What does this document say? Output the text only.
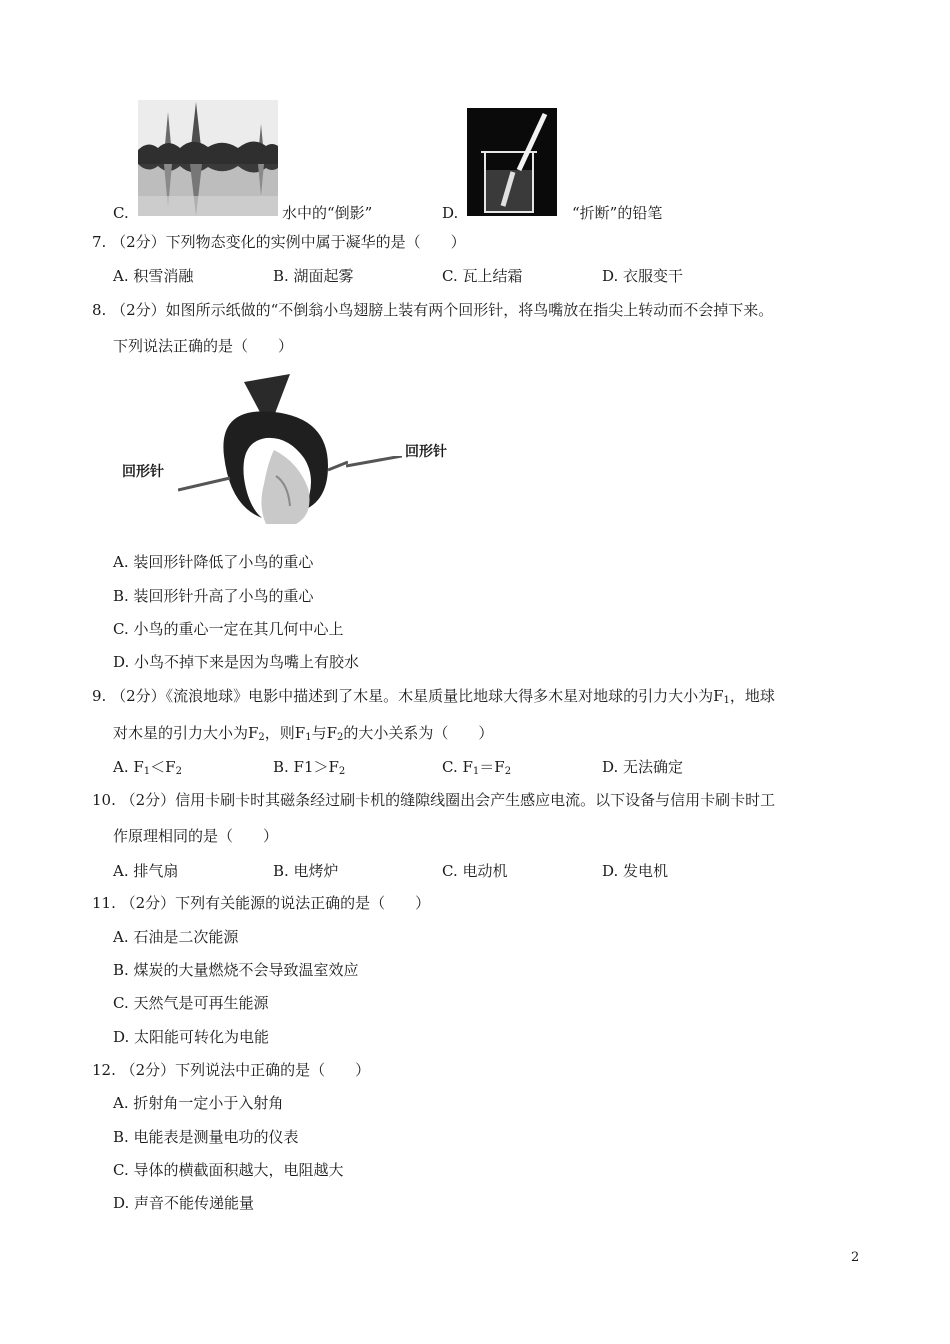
C.	水中的“倒影”	D.	“折断”的铅笔
7. （2分）下列物态变化的实例中属于凝华的是（　　）
A. 积雪消融	B. 湖面起雾	C. 瓦上结霜	D. 衣服变干
8. （2分）如图所示纸做的“不倒翁小鸟翅膀上装有两个回形针，将鸟嘴放在指尖上转动而不会掉下来。
下列说法正确的是（　　）
回形针
回形针
A. 装回形针降低了小鸟的重心
B. 装回形针升高了小鸟的重心
C. 小鸟的重心一定在其几何中心上
D. 小鸟不掉下来是因为鸟嘴上有胶水
9. （2分）《流浪地球》电影中描述到了木星。木星质量比地球大得多木星对地球的引力大小为$F_1$，地球
对木星的引力大小为$F_2$，则$F_1$与$F_2$的大小关系为（　　）
A. $F_1<F_2$	B. $F1>F_2$	C. $F_1=F_2$	D. 无法确定
10. （2分）信用卡刷卡时其磁条经过刷卡机的缝隙线圈出会产生感应电流。以下设备与信用卡刷卡时工
作原理相同的是（　　）
A. 排气扇	B. 电烤炉	C. 电动机	D. 发电机
11. （2分）下列有关能源的说法正确的是（　　）
A. 石油是二次能源
B. 煤炭的大量燃烧不会导致温室效应
C. 天然气是可再生能源
D. 太阳能可转化为电能
12. （2分）下列说法中正确的是（　　）
A. 折射角一定小于入射角
B. 电能表是测量电功的仪表
C. 导体的横截面积越大，电阻越大
D. 声音不能传递能量
2
